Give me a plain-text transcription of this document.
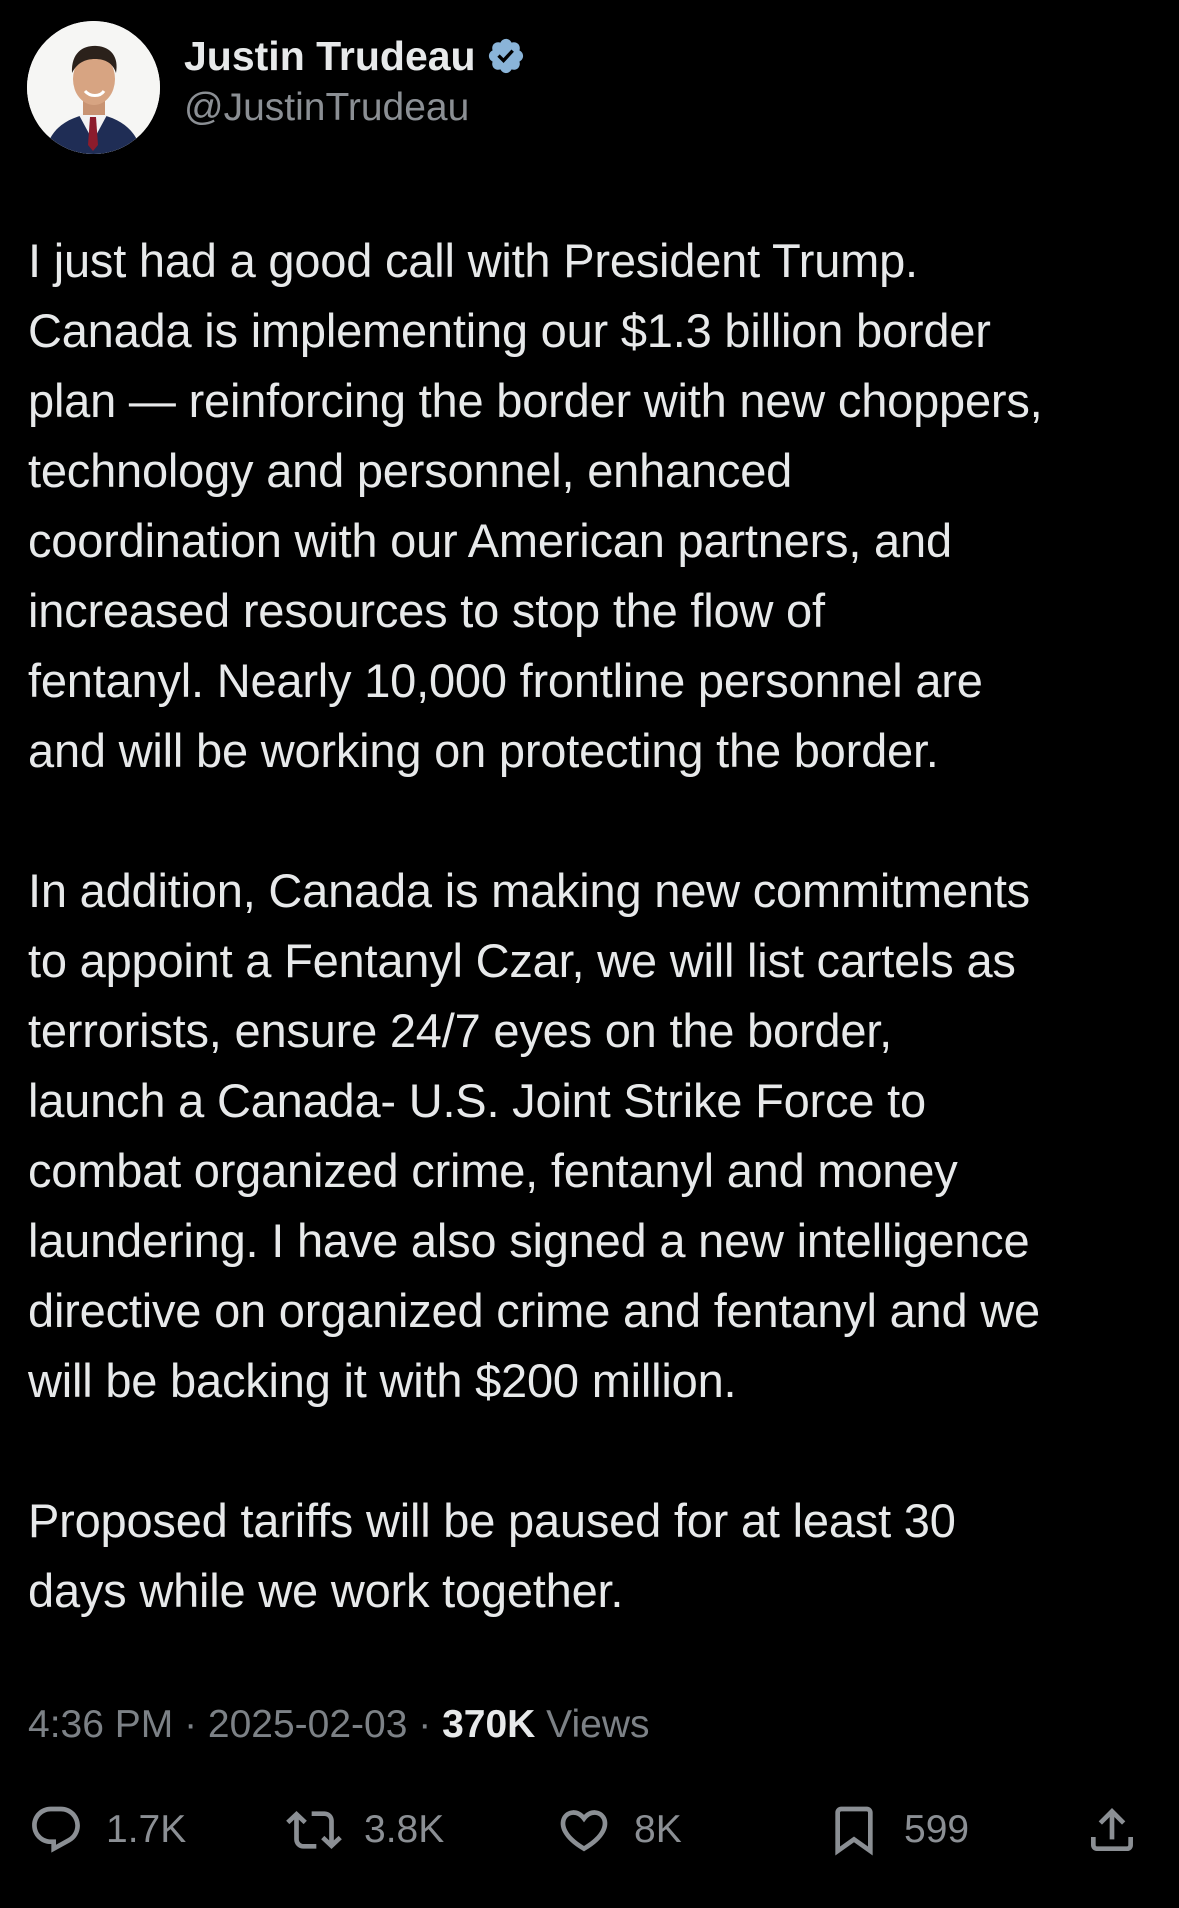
Justin Trudeau
@JustinTrudeau

I just had a good call with President Trump.
Canada is implementing our $1.3 billion border
plan — reinforcing the border with new choppers,
technology and personnel, enhanced
coordination with our American partners, and
increased resources to stop the flow of
fentanyl. Nearly 10,000 frontline personnel are
and will be working on protecting the border.

In addition, Canada is making new commitments
to appoint a Fentanyl Czar, we will list cartels as
terrorists, ensure 24/7 eyes on the border,
launch a Canada- U.S. Joint Strike Force to
combat organized crime, fentanyl and money
laundering. I have also signed a new intelligence
directive on organized crime and fentanyl and we
will be backing it with $200 million.

Proposed tariffs will be paused for at least 30
days while we work together.

4:36 PM · 2025-02-03 · 370K Views
1.7K	3.8K	8K	599
